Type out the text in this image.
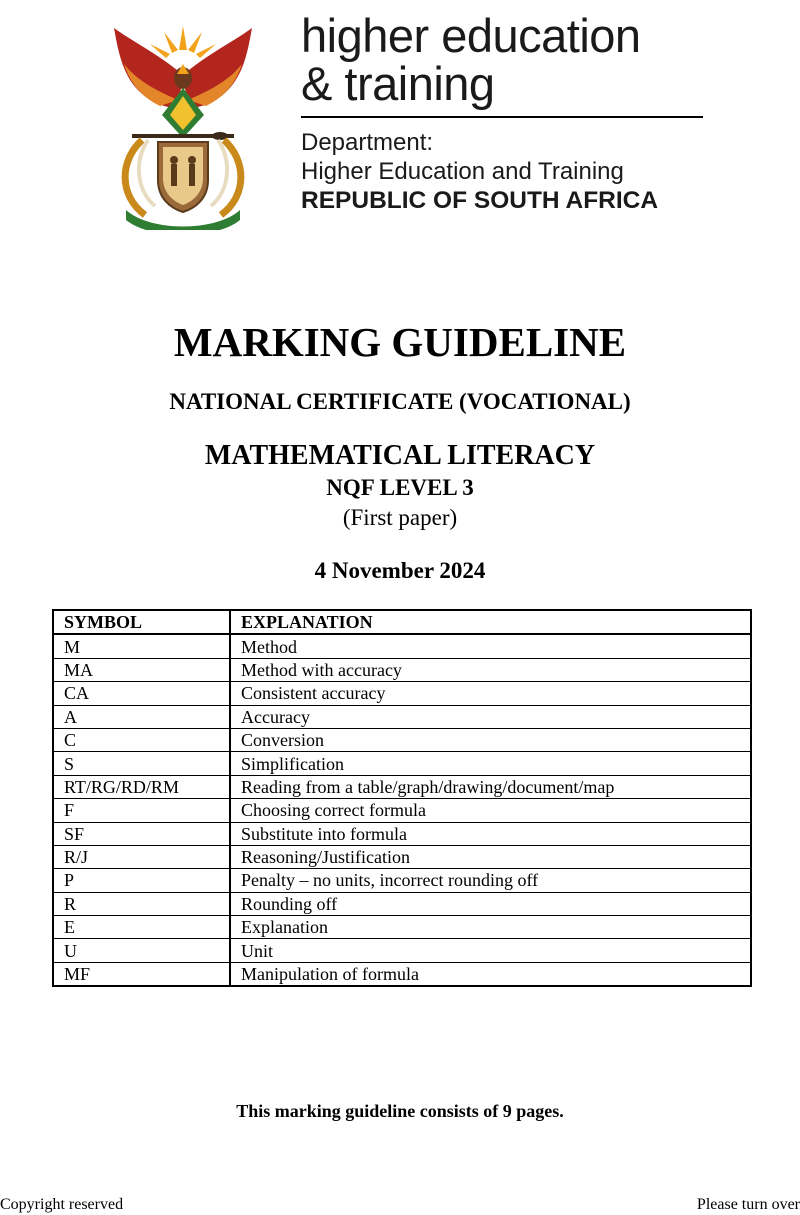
higher education
& training
Department:
Higher Education and Training
REPUBLIC OF SOUTH AFRICA
MARKING GUIDELINE
NATIONAL CERTIFICATE (VOCATIONAL)
MATHEMATICAL LITERACY
NQF LEVEL 3
(First paper)
4 November 2024
SYMBOL	EXPLANATION
M	Method
MA	Method with accuracy
CA	Consistent accuracy
A	Accuracy
C	Conversion
S	Simplification
RT/RG/RD/RM	Reading from a table/graph/drawing/document/map
F	Choosing correct formula
SF	Substitute into formula
R/J	Reasoning/Justification
P	Penalty – no units, incorrect rounding off
R	Rounding off
E	Explanation
U	Unit
MF	Manipulation of formula
This marking guideline consists of 9 pages.
Copyright reserved	Please turn over
